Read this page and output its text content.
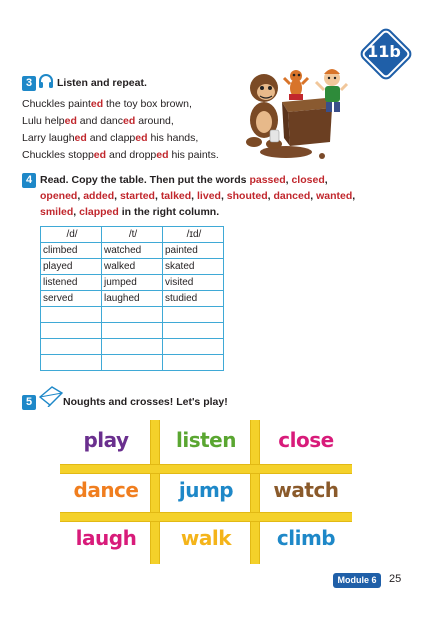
11b
3	Listen and repeat.
Chuckles painted the toy box brown,
Lulu helped and danced around,
Larry laughed and clapped his hands,
Chuckles stopped and dropped his paints.
4 Read. Copy the table. Then put the words passed, closed, opened, added, started, talked, lived, shouted, danced, wanted, smiled, clapped in the right column.
/d/	/t/	/ɪd/
climbed	watched	painted
played	walked	skated
listened	jumped	visited
served	laughed	studied

5	Noughts and crosses! Let's play!
play	listen	close
dance	jump	watch
laugh	walk	climb
Module 6	25
